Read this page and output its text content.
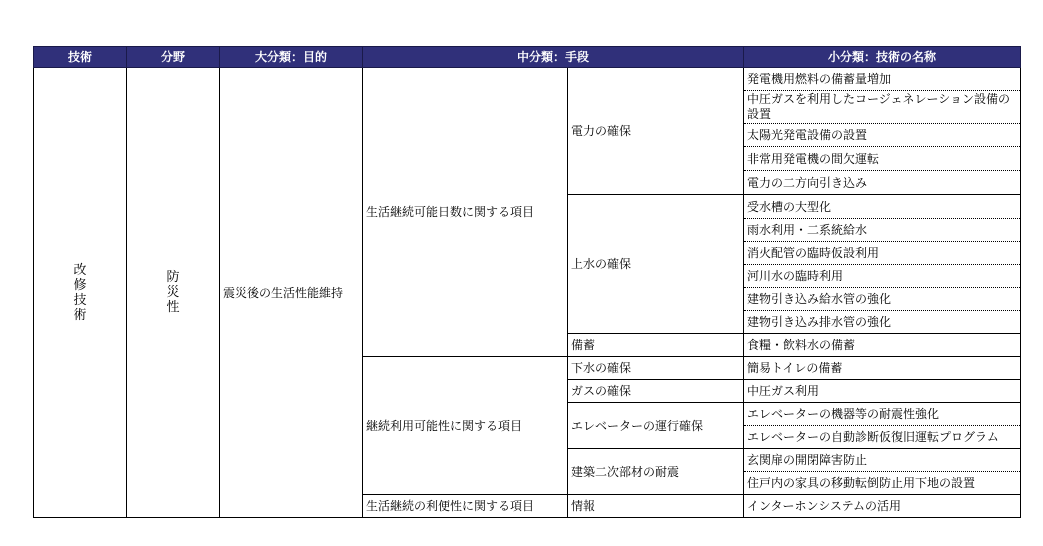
技術	分野	大分類：目的	中分類：手段		小分類：技術の名称
改修技術	防災性	震災後の生活性能維持	生活継続可能日数に関する項目	電力の確保	発電機用燃料の備蓄量増加
					中圧ガスを利用したコージェネレーション設備の設置
					太陽光発電設備の設置
					非常用発電機の間欠運転
					電力の二方向引き込み
				上水の確保	受水槽の大型化
					雨水利用・二系統給水
					消火配管の臨時仮設利用
					河川水の臨時利用
					建物引き込み給水管の強化
					建物引き込み排水管の強化
				備蓄	食糧・飲料水の備蓄
			継続利用可能性に関する項目	下水の確保	簡易トイレの備蓄
				ガスの確保	中圧ガス利用
				エレベーターの運行確保	エレベーターの機器等の耐震性強化
					エレベーターの自動診断仮復旧運転プログラム
				建築二次部材の耐震	玄関扉の開閉障害防止
					住戸内の家具の移動転倒防止用下地の設置
			生活継続の利便性に関する項目	情報	インターホンシステムの活用
